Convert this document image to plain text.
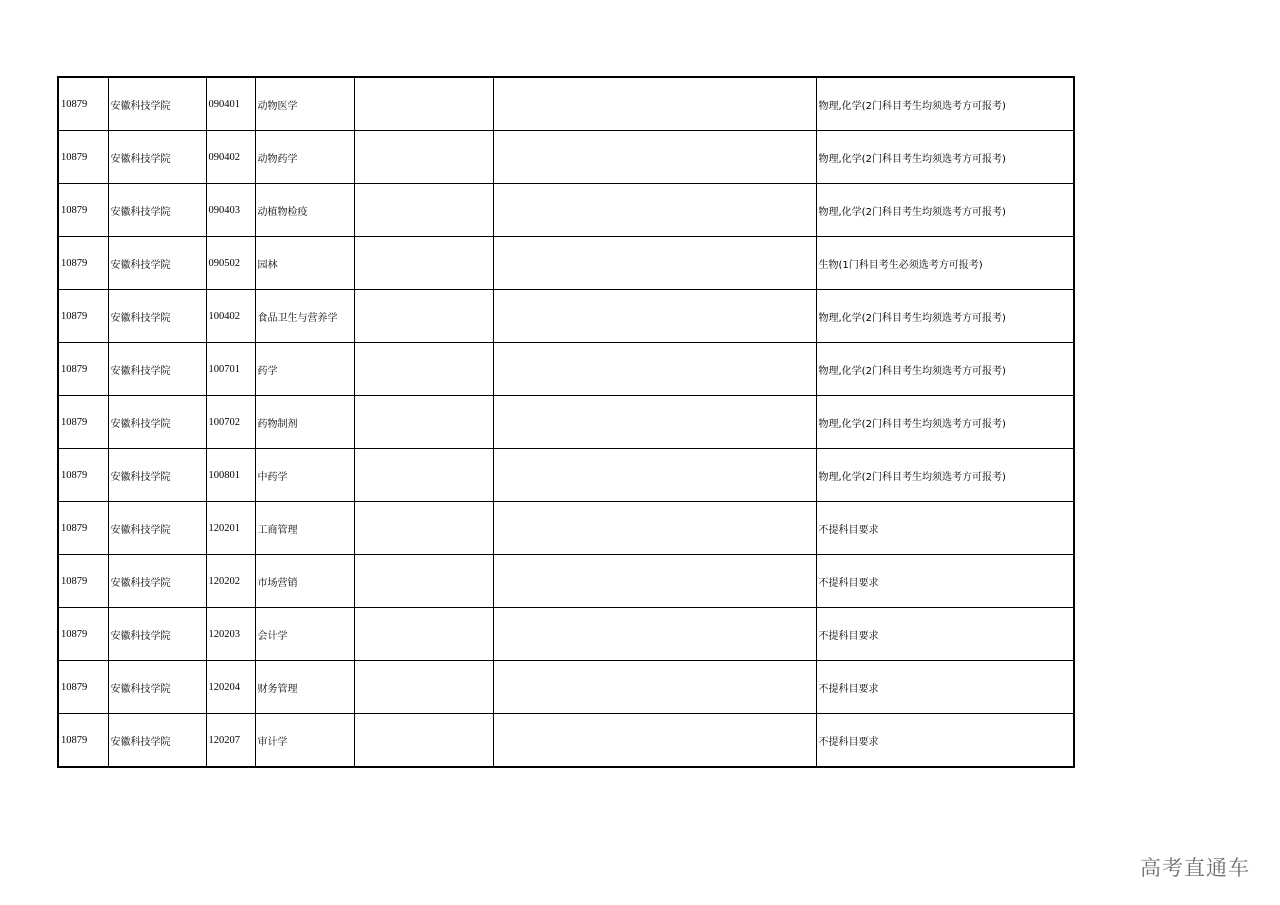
10879	安徽科技学院	090401	动物医学			物理,化学(2门科目考生均须选考方可报考)
10879	安徽科技学院	090402	动物药学			物理,化学(2门科目考生均须选考方可报考)
10879	安徽科技学院	090403	动植物检疫			物理,化学(2门科目考生均须选考方可报考)
10879	安徽科技学院	090502	园林			生物(1门科目考生必须选考方可报考)
10879	安徽科技学院	100402	食品卫生与营养学			物理,化学(2门科目考生均须选考方可报考)
10879	安徽科技学院	100701	药学			物理,化学(2门科目考生均须选考方可报考)
10879	安徽科技学院	100702	药物制剂			物理,化学(2门科目考生均须选考方可报考)
10879	安徽科技学院	100801	中药学			物理,化学(2门科目考生均须选考方可报考)
10879	安徽科技学院	120201	工商管理			不提科目要求
10879	安徽科技学院	120202	市场营销			不提科目要求
10879	安徽科技学院	120203	会计学			不提科目要求
10879	安徽科技学院	120204	财务管理			不提科目要求
10879	安徽科技学院	120207	审计学			不提科目要求
高考直通车
